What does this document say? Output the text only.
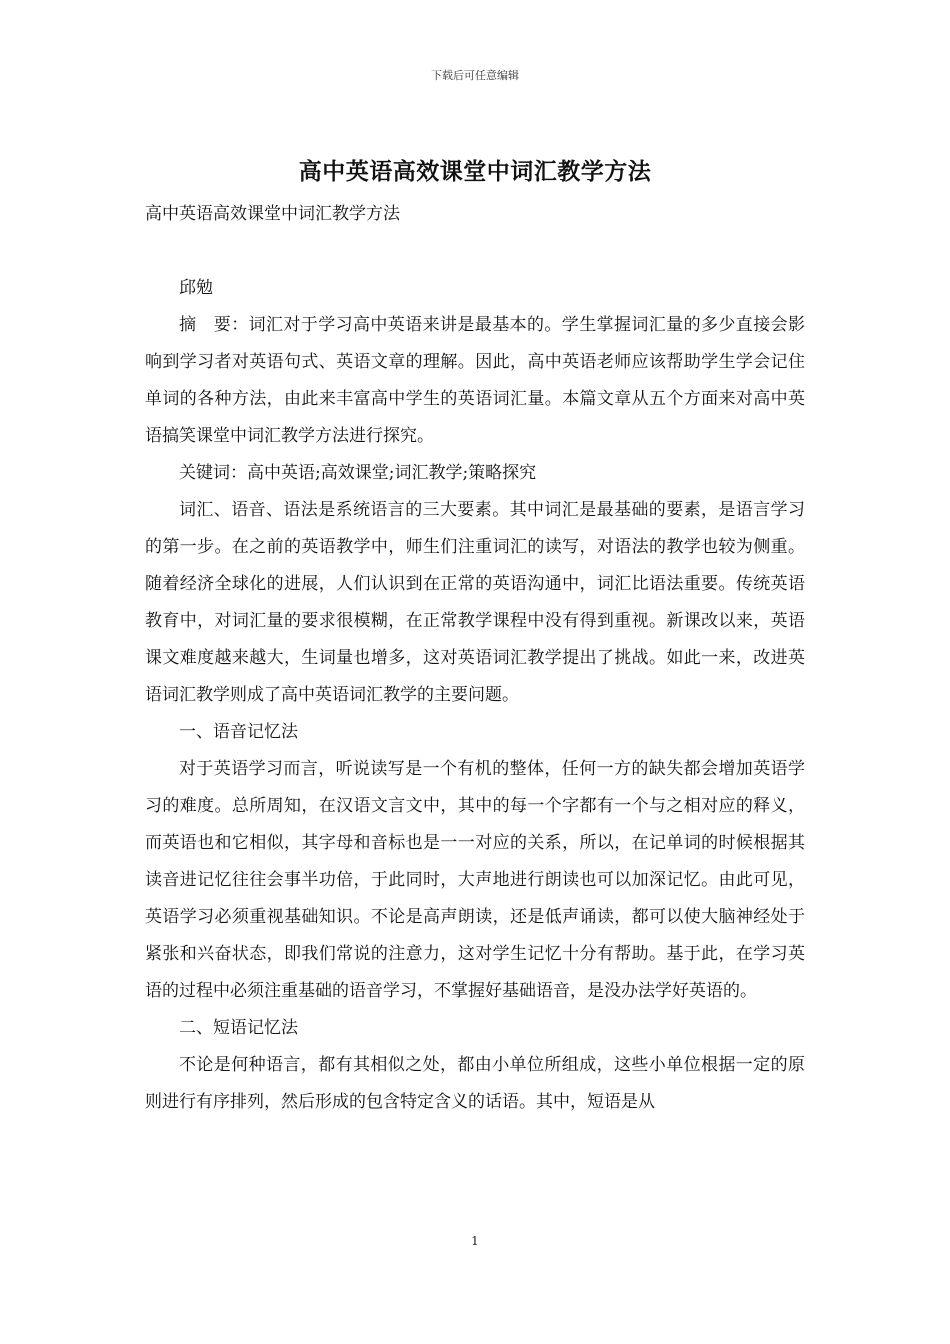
下载后可任意编辑
高中英语高效课堂中词汇教学方法
高中英语高效课堂中词汇教学方法

邱勉

摘　要：词汇对于学习高中英语来讲是最基本的。学生掌握词汇量的多少直接会影响到学习者对英语句式、英语文章的理解。因此，高中英语老师应该帮助学生学会记住单词的各种方法，由此来丰富高中学生的英语词汇量。本篇文章从五个方面来对高中英语搞笑课堂中词汇教学方法进行探究。

关键词：高中英语;高效课堂;词汇教学;策略探究

词汇、语音、语法是系统语言的三大要素。其中词汇是最基础的要素，是语言学习的第一步。在之前的英语教学中，师生们注重词汇的读写，对语法的教学也较为侧重。随着经济全球化的进展，人们认识到在正常的英语沟通中，词汇比语法重要。传统英语教育中，对词汇量的要求很模糊，在正常教学课程中没有得到重视。新课改以来，英语课文难度越来越大，生词量也增多，这对英语词汇教学提出了挑战。如此一来，改进英语词汇教学则成了高中英语词汇教学的主要问题。

一、语音记忆法

对于英语学习而言，听说读写是一个有机的整体，任何一方的缺失都会增加英语学习的难度。总所周知，在汉语文言文中，其中的每一个字都有一个与之相对应的释义，而英语也和它相似，其字母和音标也是一一对应的关系，所以，在记单词的时候根据其读音进记忆往往会事半功倍，于此同时，大声地进行朗读也可以加深记忆。由此可见，英语学习必须重视基础知识。不论是高声朗读，还是低声诵读，都可以使大脑神经处于紧张和兴奋状态，即我们常说的注意力，这对学生记忆十分有帮助。基于此，在学习英语的过程中必须注重基础的语音学习，不掌握好基础语音，是没办法学好英语的。

二、短语记忆法

不论是何种语言，都有其相似之处，都由小单位所组成，这些小单位根据一定的原则进行有序排列，然后形成的包含特定含义的话语。其中，短语是从

1
